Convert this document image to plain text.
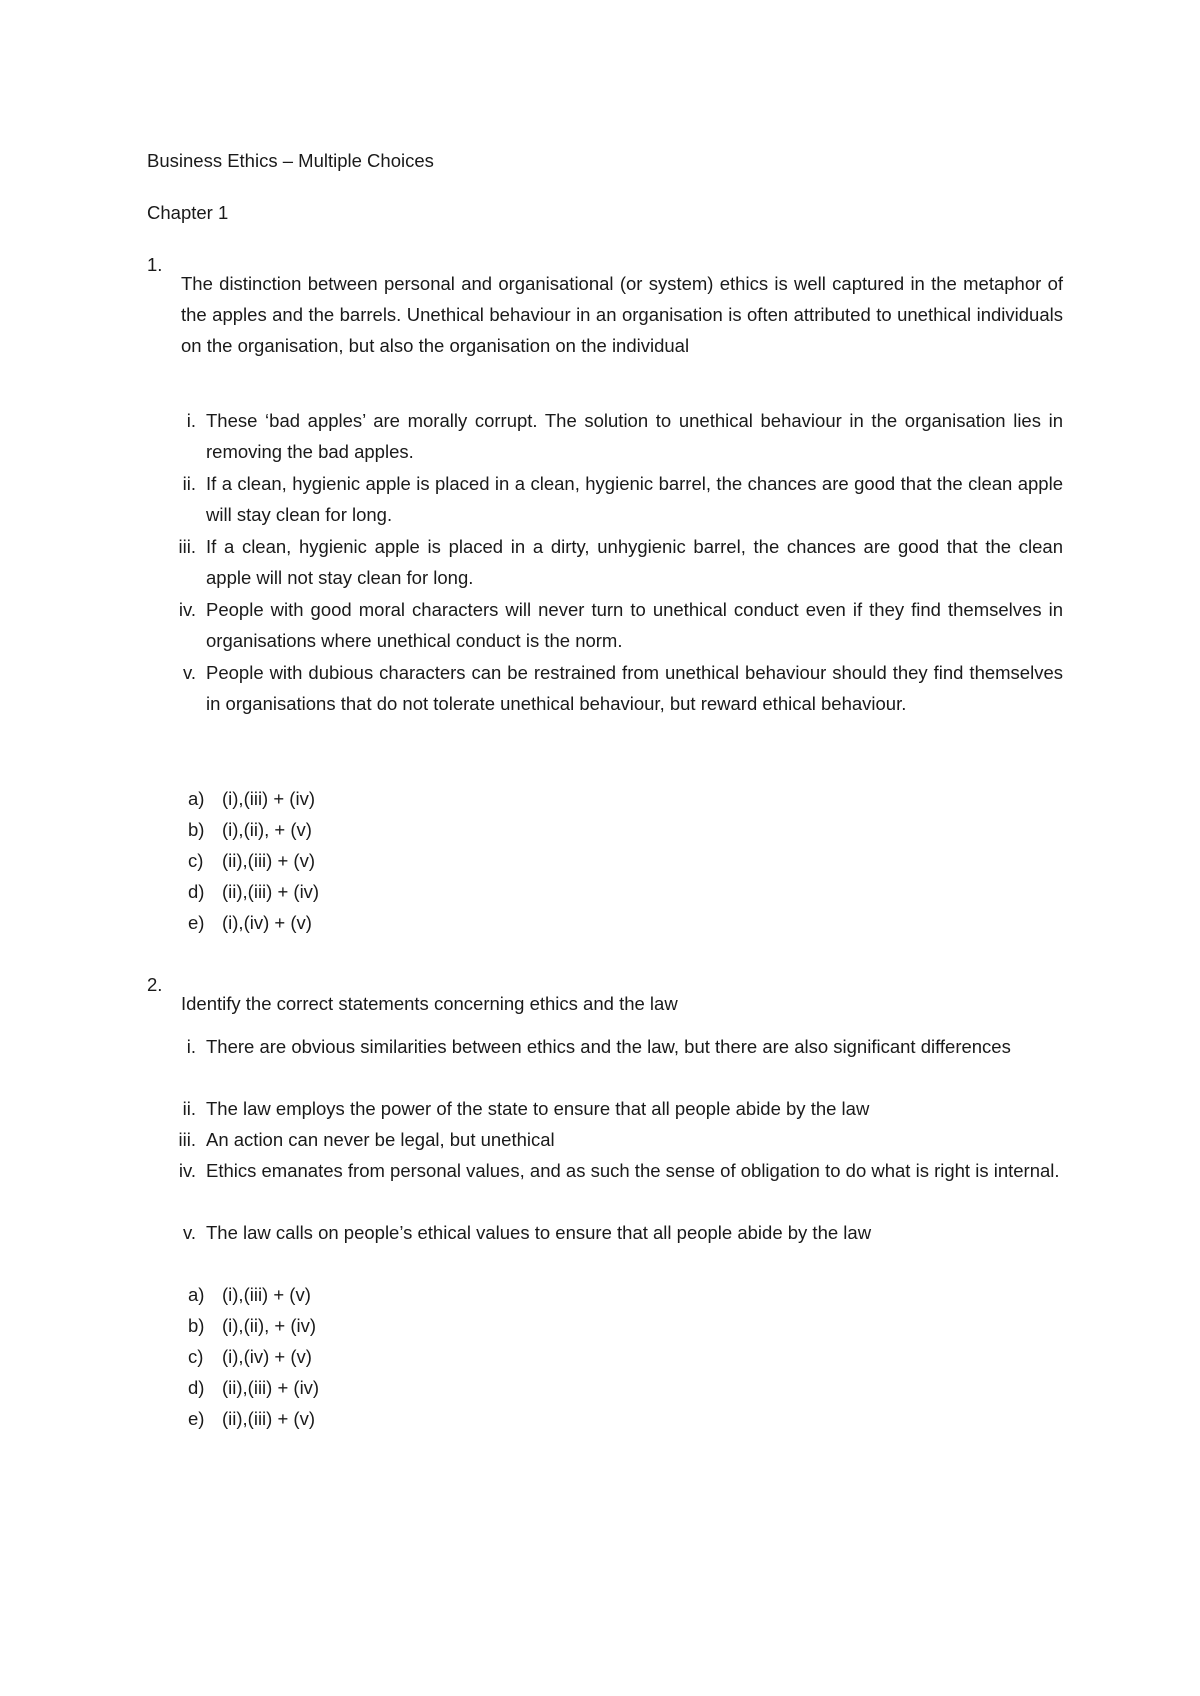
Business Ethics – Multiple Choices

Chapter 1

1.

The distinction between personal and organisational (or system) ethics is well captured in the metaphor of the apples and the barrels. Unethical behaviour in an organisation is often attributed to unethical individuals on the organisation, but also the organisation on the individual

i. These ‘bad apples’ are morally corrupt. The solution to unethical behaviour in the organisation lies in removing the bad apples.
ii. If a clean, hygienic apple is placed in a clean, hygienic barrel, the chances are good that the clean apple will stay clean for long.
iii. If a clean, hygienic apple is placed in a dirty, unhygienic barrel, the chances are good that the clean apple will not stay clean for long.
iv. People with good moral characters will never turn to unethical conduct even if they find themselves in organisations where unethical conduct is the norm.
v. People with dubious characters can be restrained from unethical behaviour should they find themselves in organisations that do not tolerate unethical behaviour, but reward ethical behaviour.
a) (i),(iii) + (iv)
b) (i),(ii), + (v)
c) (ii),(iii) + (v)
d) (ii),(iii) + (iv)
e) (i),(iv) + (v)
2.

Identify the correct statements concerning ethics and the law

i. There are obvious similarities between ethics and the law, but there are also significant differences
ii. The law employs the power of the state to ensure that all people abide by the law
iii. An action can never be legal, but unethical
iv. Ethics emanates from personal values, and as such the sense of obligation to do what is right is internal.
v. The law calls on people’s ethical values to ensure that all people abide by the law
a) (i),(iii) + (v)
b) (i),(ii), + (iv)
c) (i),(iv) + (v)
d) (ii),(iii) + (iv)
e) (ii),(iii) + (v)
